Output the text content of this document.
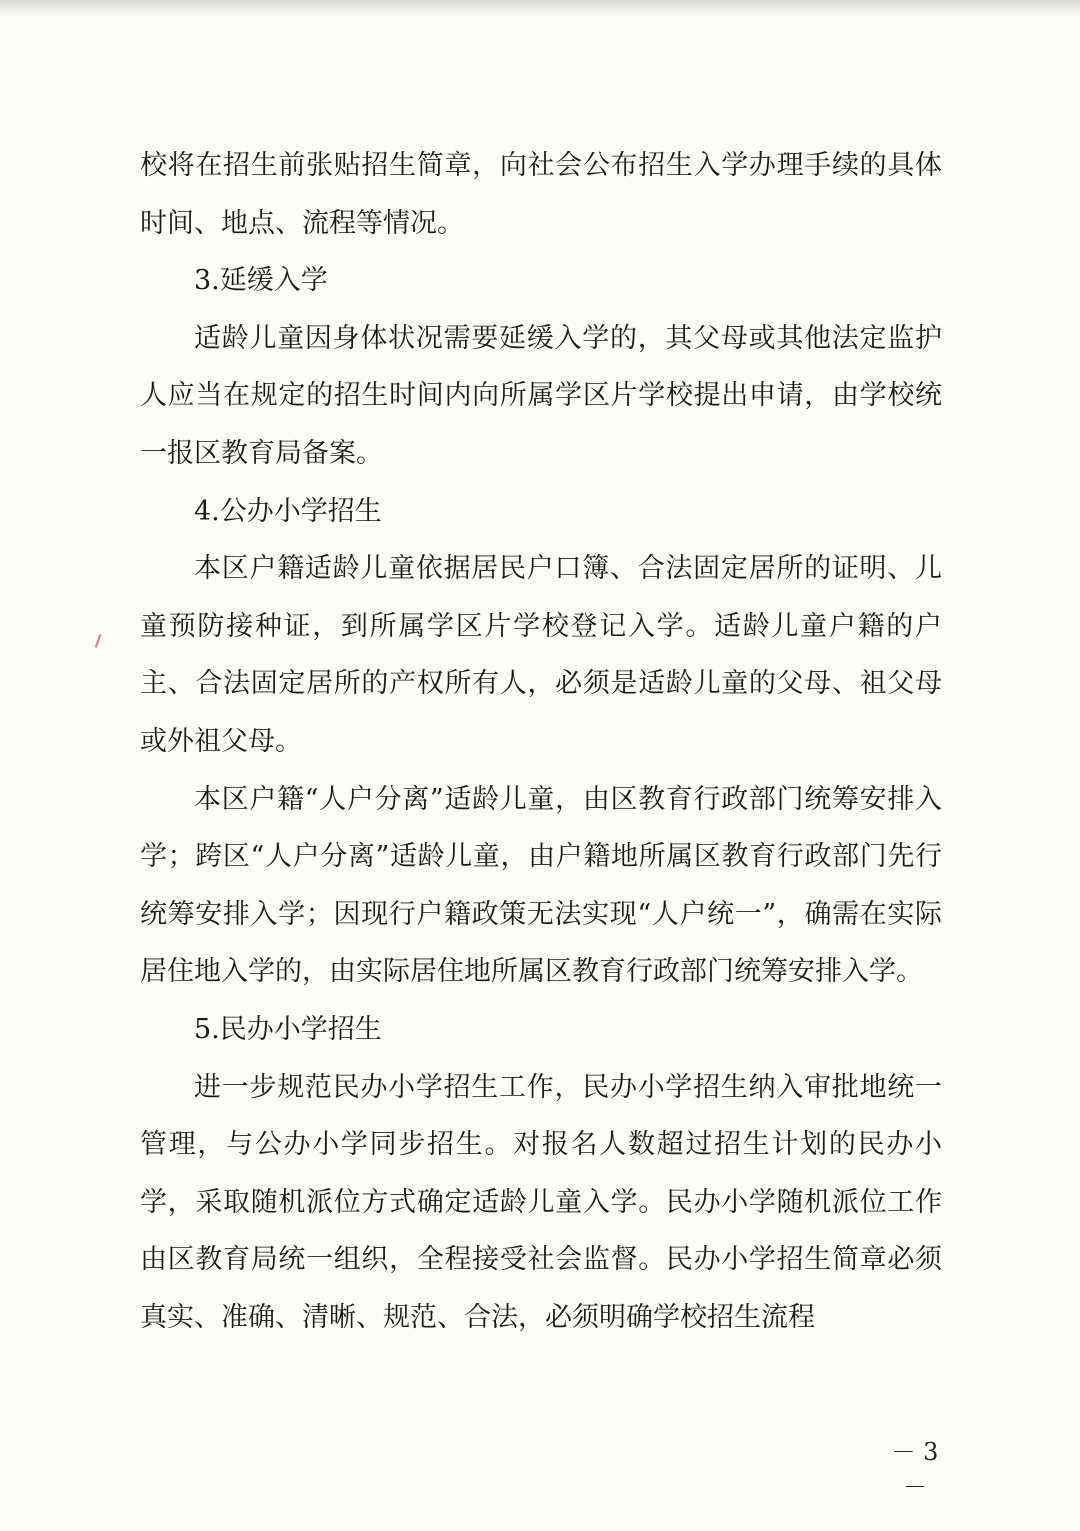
校将在招生前张贴招生简章，向社会公布招生入学办理手续的具体时间、地点、流程等情况。

3.延缓入学

适龄儿童因身体状况需要延缓入学的，其父母或其他法定监护人应当在规定的招生时间内向所属学区片学校提出申请，由学校统一报区教育局备案。

4.公办小学招生

本区户籍适龄儿童依据居民户口簿、合法固定居所的证明、儿童预防接种证，到所属学区片学校登记入学。适龄儿童户籍的户主、合法固定居所的产权所有人，必须是适龄儿童的父母、祖父母或外祖父母。

本区户籍“人户分离”适龄儿童，由区教育行政部门统筹安排入学；跨区“人户分离”适龄儿童，由户籍地所属区教育行政部门先行统筹安排入学；因现行户籍政策无法实现“人户统一”，确需在实际居住地入学的，由实际居住地所属区教育行政部门统筹安排入学。

5.民办小学招生

进一步规范民办小学招生工作，民办小学招生纳入审批地统一管理，与公办小学同步招生。对报名人数超过招生计划的民办小学，采取随机派位方式确定适龄儿童入学。民办小学随机派位工作由区教育局统一组织，全程接受社会监督。民办小学招生简章必须真实、准确、清晰、规范、合法，必须明确学校招生流程

－ 3 －
